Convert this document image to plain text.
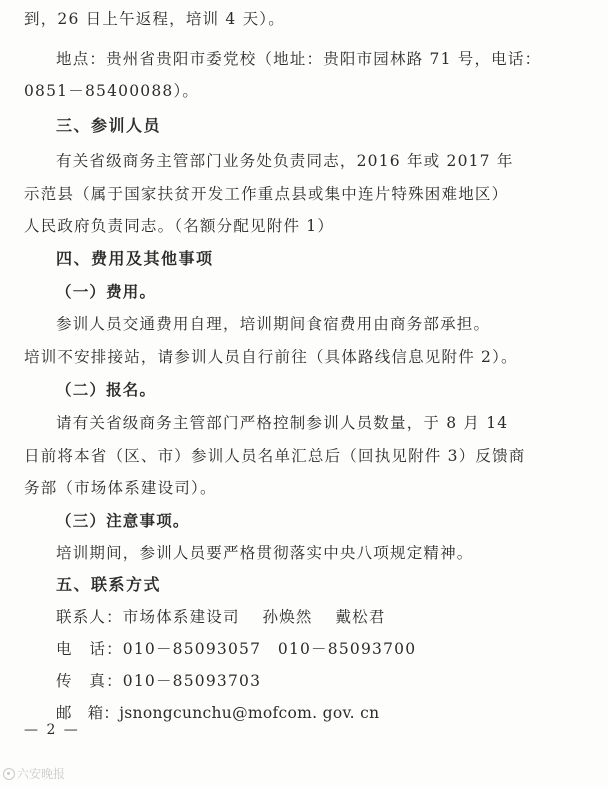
到，26 日上午返程，培训 4 天）。
地点：贵州省贵阳市委党校（地址：贵阳市园林路 71 号，电话：
0851－85400088）。
三、参训人员
有关省级商务主管部门业务处负责同志，2016 年或 2017 年
示范县（属于国家扶贫开发工作重点县或集中连片特殊困难地区）
人民政府负责同志。（名额分配见附件 1）
四、费用及其他事项
（一）费用。
参训人员交通费用自理，培训期间食宿费用由商务部承担。
培训不安排接站，请参训人员自行前往（具体路线信息见附件 2）。
（二）报名。
请有关省级商务主管部门严格控制参训人员数量，于 8 月 14
日前将本省（区、市）参训人员名单汇总后（回执见附件 3）反馈商
务部（市场体系建设司）。
（三）注意事项。
培训期间，参训人员要严格贯彻落实中央八项规定精神。
五、联系方式
联系人：市场体系建设司　 孙焕然　 戴松君
电　话：010－85093057　010－85093700
传　真：010－85093703
邮　箱：jsnongcunchu@mofcom. gov. cn
— 2 —
六安晚报
